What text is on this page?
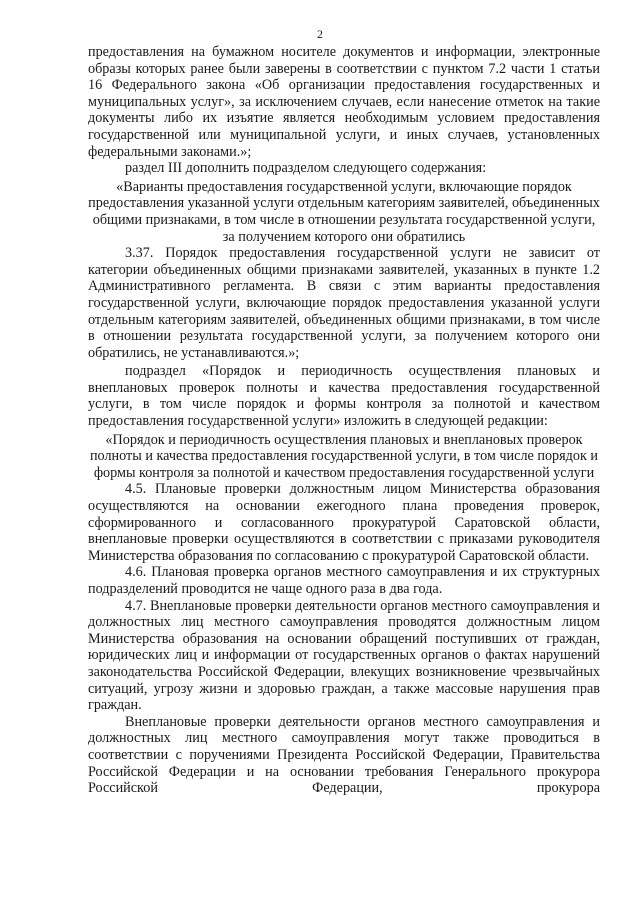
2

предоставления на бумажном носителе документов и информации, электронные образы которых ранее были заверены в соответствии с пунктом 7.2 части 1 статьи 16 Федерального закона «Об организации предоставления государственных и муниципальных услуг», за исключением случаев, если нанесение отметок на такие документы либо их изъятие является необходимым условием предоставления государственной или муниципальной услуги, и иных случаев, установленных федеральными законами.»;

раздел III дополнить подразделом следующего содержания:

«Варианты предоставления государственной услуги, включающие порядок предоставления указанной услуги отдельным категориям заявителей, объединенных общими признаками, в том числе в отношении результата государственной услуги, за получением которого они обратились

3.37. Порядок предоставления государственной услуги не зависит от категории объединенных общими признаками заявителей, указанных в пункте 1.2 Административного регламента. В связи с этим варианты предоставления государственной услуги, включающие порядок предоставления указанной услуги отдельным категориям заявителей, объединенных общими признаками, в том числе в отношении результата государственной услуги, за получением которого они обратились, не устанавливаются.»;

подраздел «Порядок и периодичность осуществления плановых и внеплановых проверок полноты и качества предоставления государственной услуги, в том числе порядок и формы контроля за полнотой и качеством предоставления государственной услуги» изложить в следующей редакции:

«Порядок и периодичность осуществления плановых и внеплановых проверок полноты и качества предоставления государственной услуги, в том числе порядок и формы контроля за полнотой и качеством предоставления государственной услуги

4.5. Плановые проверки должностным лицом Министерства образования осуществляются на основании ежегодного плана проведения проверок, сформированного и согласованного прокуратурой Саратовской области, внеплановые проверки осуществляются в соответствии с приказами руководителя Министерства образования по согласованию с прокуратурой Саратовской области.

4.6. Плановая проверка органов местного самоуправления и их структурных подразделений проводится не чаще одного раза в два года.

4.7. Внеплановые проверки деятельности органов местного самоуправления и должностных лиц местного самоуправления проводятся должностным лицом Министерства образования на основании обращений поступивших от граждан, юридических лиц и информации от государственных органов о фактах нарушений законодательства Российской Федерации, влекущих возникновение чрезвычайных ситуаций, угрозу жизни и здоровью граждан, а также массовые нарушения прав граждан.

Внеплановые проверки деятельности органов местного самоуправления и должностных лиц местного самоуправления могут также проводиться в соответствии с поручениями Президента Российской Федерации, Правительства Российской Федерации и на основании требования Генерального прокурора Российской Федерации, прокурора
